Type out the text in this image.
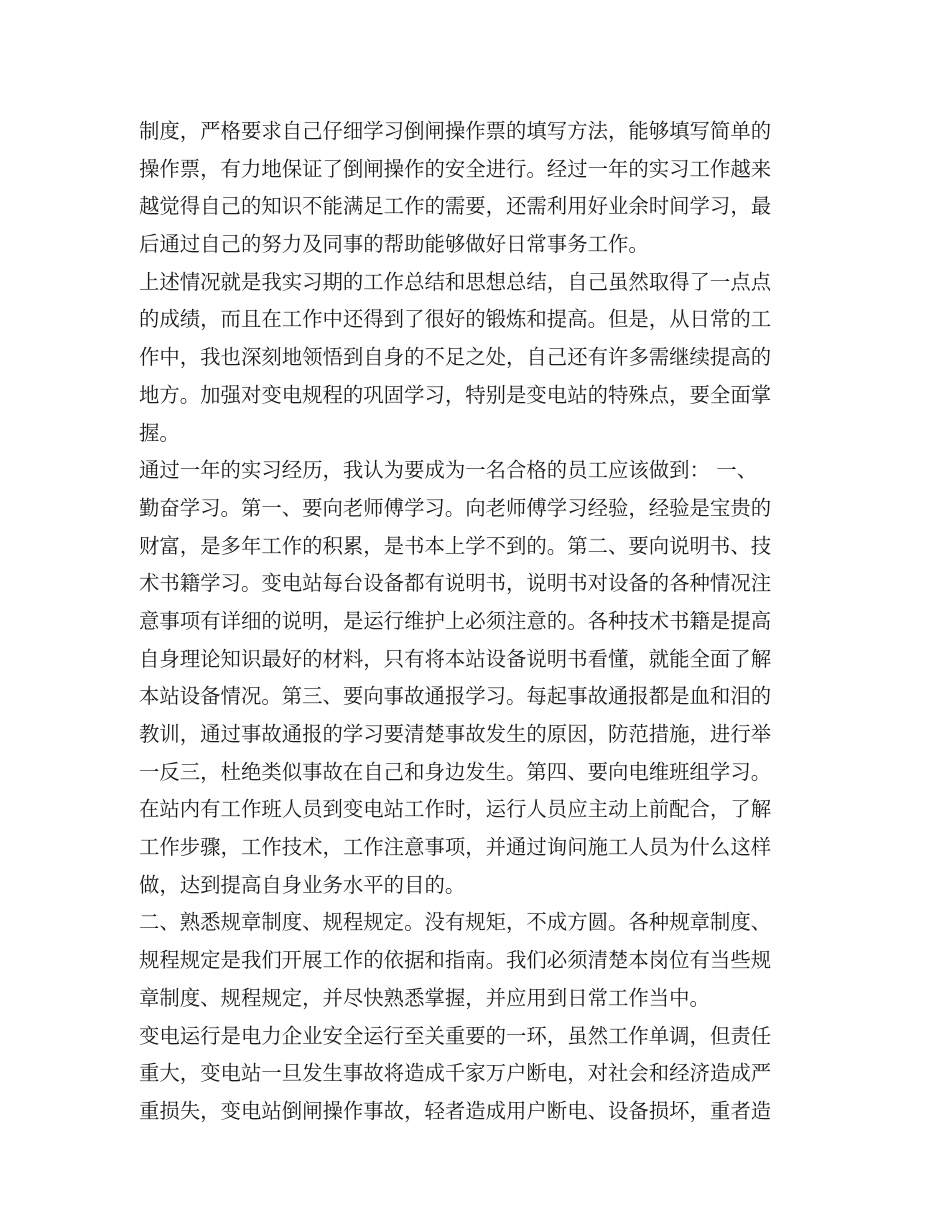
制度，严格要求自己仔细学习倒闸操作票的填写方法，能够填写简单的
操作票，有力地保证了倒闸操作的安全进行。经过一年的实习工作越来
越觉得自己的知识不能满足工作的需要，还需利用好业余时间学习，最
后通过自己的努力及同事的帮助能够做好日常事务工作。
上述情况就是我实习期的工作总结和思想总结，自己虽然取得了一点点
的成绩，而且在工作中还得到了很好的锻炼和提高。但是，从日常的工
作中，我也深刻地领悟到自身的不足之处，自己还有许多需继续提高的
地方。加强对变电规程的巩固学习，特别是变电站的特殊点，要全面掌
握。
通过一年的实习经历，我认为要成为一名合格的员工应该做到： 一、
勤奋学习。第一、要向老师傅学习。向老师傅学习经验，经验是宝贵的
财富，是多年工作的积累，是书本上学不到的。第二、要向说明书、技
术书籍学习。变电站每台设备都有说明书，说明书对设备的各种情况注
意事项有详细的说明，是运行维护上必须注意的。各种技术书籍是提高
自身理论知识最好的材料，只有将本站设备说明书看懂，就能全面了解
本站设备情况。第三、要向事故通报学习。每起事故通报都是血和泪的
教训，通过事故通报的学习要清楚事故发生的原因，防范措施，进行举
一反三，杜绝类似事故在自己和身边发生。第四、要向电维班组学习。
在站内有工作班人员到变电站工作时，运行人员应主动上前配合，了解
工作步骤，工作技术，工作注意事项，并通过询问施工人员为什么这样
做，达到提高自身业务水平的目的。
二、熟悉规章制度、规程规定。没有规矩，不成方圆。各种规章制度、
规程规定是我们开展工作的依据和指南。我们必须清楚本岗位有当些规
章制度、规程规定，并尽快熟悉掌握，并应用到日常工作当中。
变电运行是电力企业安全运行至关重要的一环，虽然工作单调，但责任
重大，变电站一旦发生事故将造成千家万户断电，对社会和经济造成严
重损失，变电站倒闸操作事故，轻者造成用户断电、设备损坏，重者造
